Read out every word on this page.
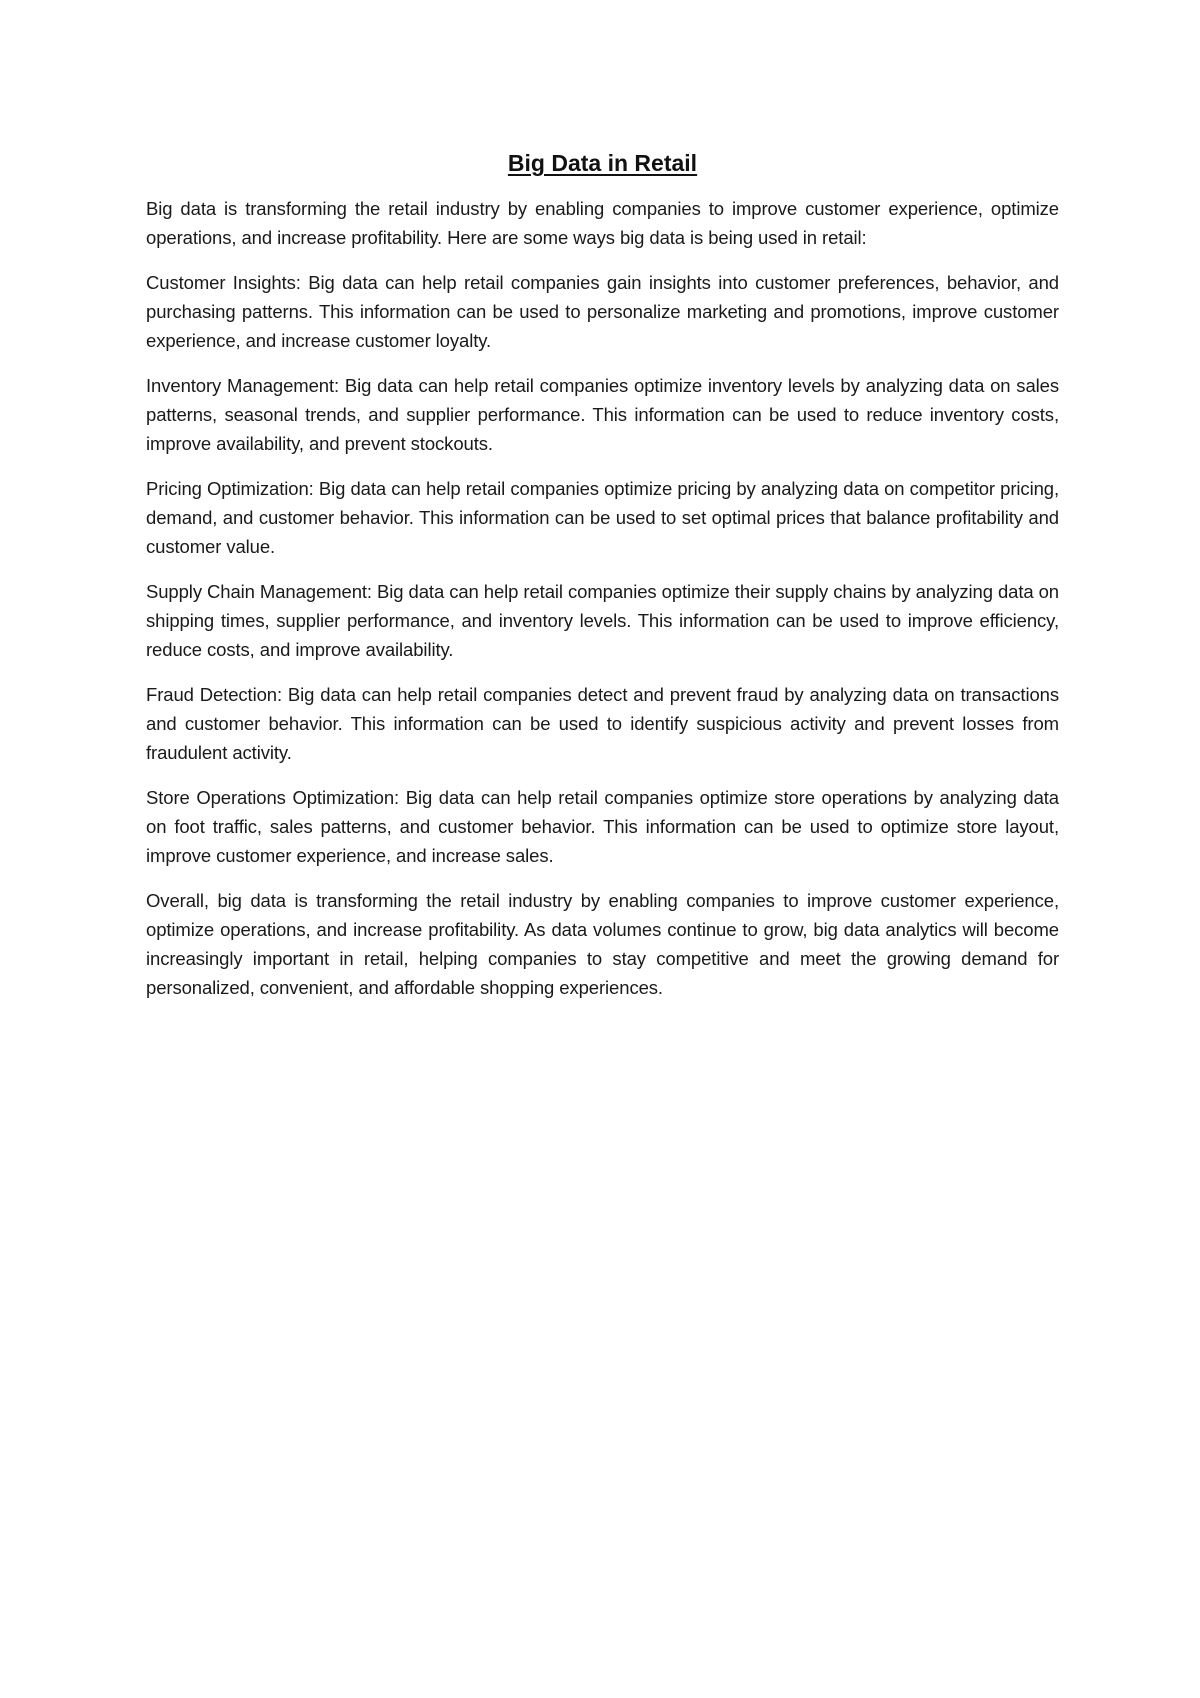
Big Data in Retail

Big data is transforming the retail industry by enabling companies to improve customer experience, optimize operations, and increase profitability. Here are some ways big data is being used in retail:

Customer Insights: Big data can help retail companies gain insights into customer preferences, behavior, and purchasing patterns. This information can be used to personalize marketing and promotions, improve customer experience, and increase customer loyalty.

Inventory Management: Big data can help retail companies optimize inventory levels by analyzing data on sales patterns, seasonal trends, and supplier performance. This information can be used to reduce inventory costs, improve availability, and prevent stockouts.

Pricing Optimization: Big data can help retail companies optimize pricing by analyzing data on competitor pricing, demand, and customer behavior. This information can be used to set optimal prices that balance profitability and customer value.

Supply Chain Management: Big data can help retail companies optimize their supply chains by analyzing data on shipping times, supplier performance, and inventory levels. This information can be used to improve efficiency, reduce costs, and improve availability.

Fraud Detection: Big data can help retail companies detect and prevent fraud by analyzing data on transactions and customer behavior. This information can be used to identify suspicious activity and prevent losses from fraudulent activity.

Store Operations Optimization: Big data can help retail companies optimize store operations by analyzing data on foot traffic, sales patterns, and customer behavior. This information can be used to optimize store layout, improve customer experience, and increase sales.

Overall, big data is transforming the retail industry by enabling companies to improve customer experience, optimize operations, and increase profitability. As data volumes continue to grow, big data analytics will become increasingly important in retail, helping companies to stay competitive and meet the growing demand for personalized, convenient, and affordable shopping experiences.
